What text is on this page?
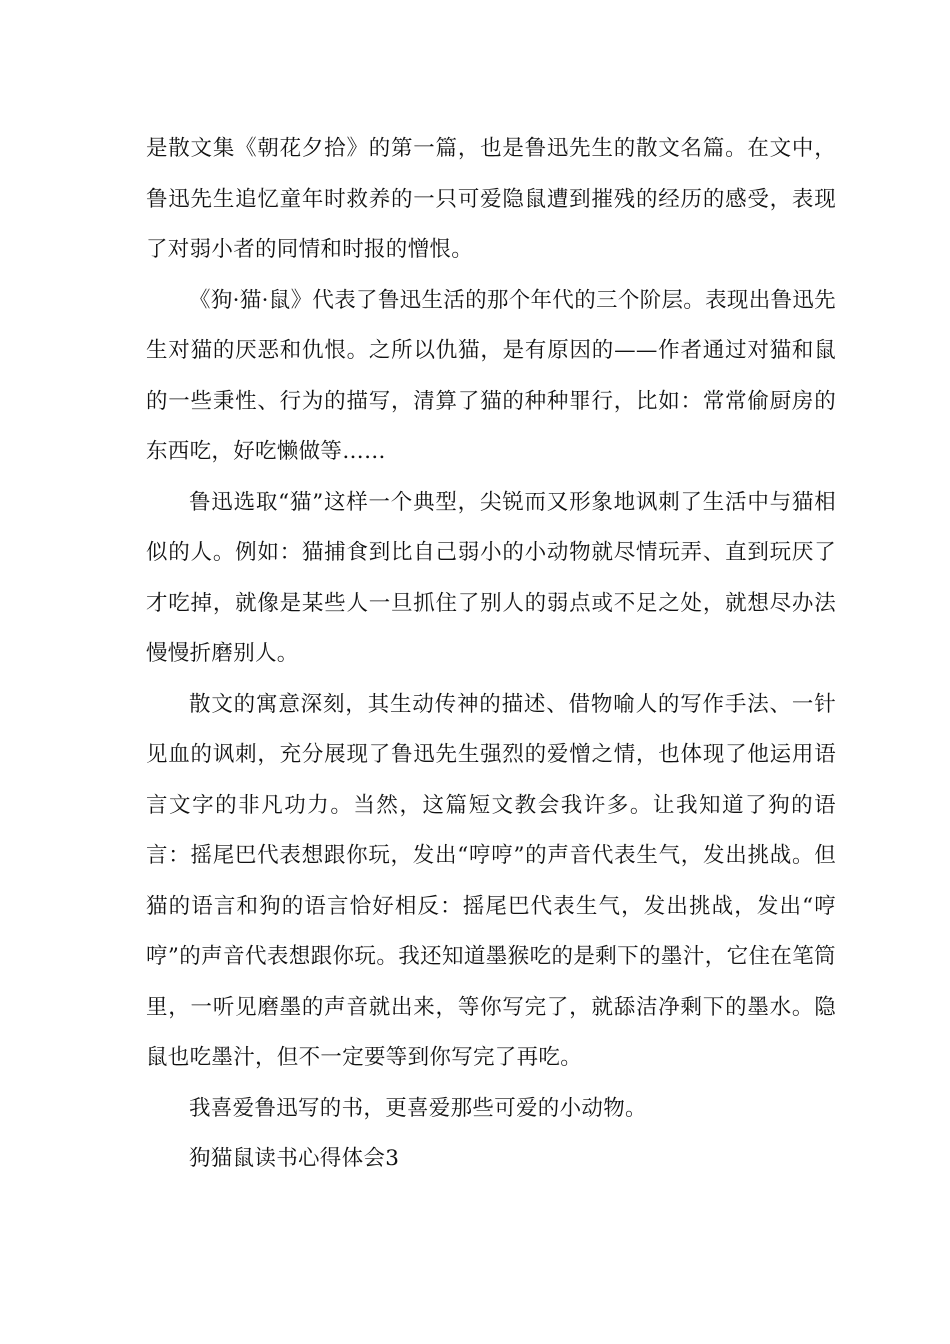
是散文集《朝花夕拾》的第一篇，也是鲁迅先生的散文名篇。在文中，鲁迅先生追忆童年时救养的一只可爱隐鼠遭到摧残的经历的感受，表现了对弱小者的同情和时报的憎恨。

《狗·猫·鼠》代表了鲁迅生活的那个年代的三个阶层。表现出鲁迅先生对猫的厌恶和仇恨。之所以仇猫，是有原因的——作者通过对猫和鼠的一些秉性、行为的描写，清算了猫的种种罪行，比如：常常偷厨房的东西吃，好吃懒做等……

鲁迅选取“猫”这样一个典型，尖锐而又形象地讽刺了生活中与猫相似的人。例如：猫捕食到比自己弱小的小动物就尽情玩弄、直到玩厌了才吃掉，就像是某些人一旦抓住了别人的弱点或不足之处，就想尽办法慢慢折磨别人。

散文的寓意深刻，其生动传神的描述、借物喻人的写作手法、一针见血的讽刺，充分展现了鲁迅先生强烈的爱憎之情，也体现了他运用语言文字的非凡功力。当然，这篇短文教会我许多。让我知道了狗的语言：摇尾巴代表想跟你玩，发出“哼哼”的声音代表生气，发出挑战。但猫的语言和狗的语言恰好相反：摇尾巴代表生气，发出挑战，发出“哼哼”的声音代表想跟你玩。我还知道墨猴吃的是剩下的墨汁，它住在笔筒里，一听见磨墨的声音就出来，等你写完了，就舔洁净剩下的墨水。隐鼠也吃墨汁，但不一定要等到你写完了再吃。

我喜爱鲁迅写的书，更喜爱那些可爱的小动物。

狗猫鼠读书心得体会3
